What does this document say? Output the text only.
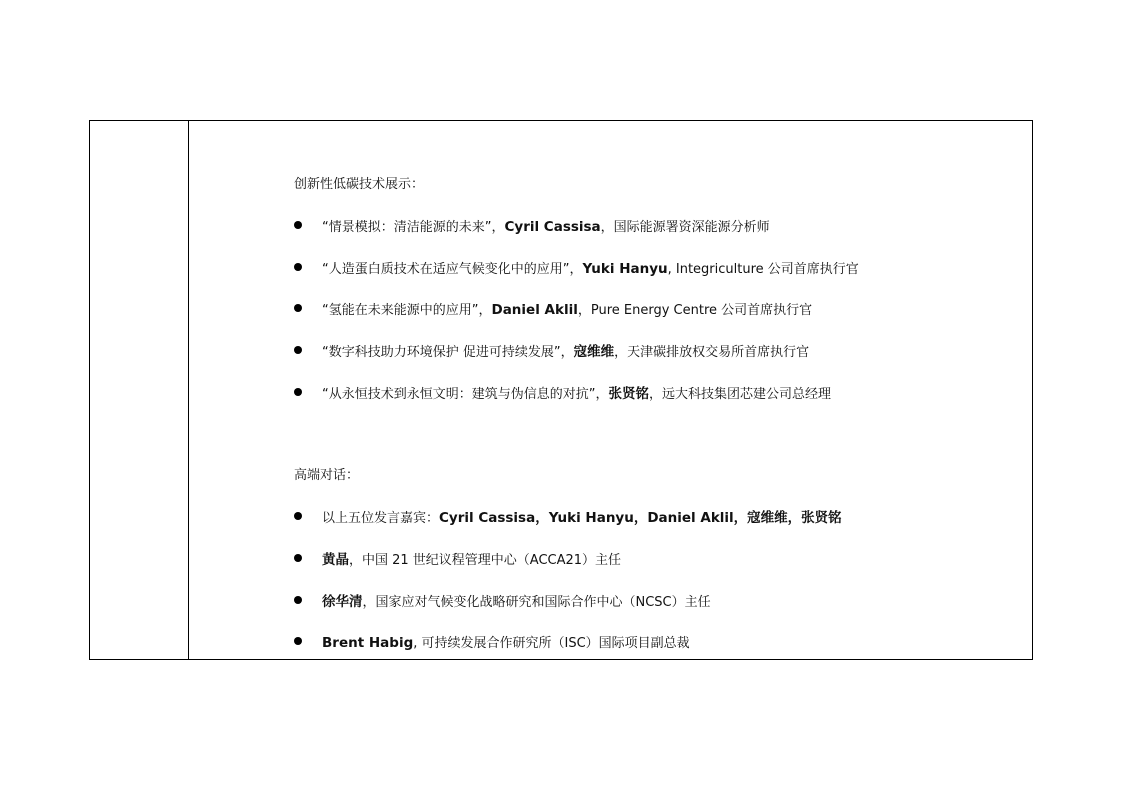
创新性低碳技术展示：
“情景模拟：清洁能源的未来”， Cyril Cassisa ，国际能源署资深能源分析师
“人造蛋白质技术在适应气候变化中的应用”， Yuki Hanyu , Integriculture 公司首席执行官
“氢能在未来能源中的应用”， Daniel Aklil ，Pure Energy Centre 公司首席执行官
“数字科技助力环境保护 促进可持续发展”， 寇维维 ，天津碳排放权交易所首席执行官
“从永恒技术到永恒文明：建筑与伪信息的对抗”， 张贤铭 ，远大科技集团芯建公司总经理
高端对话：
以上五位发言嘉宾： Cyril Cassisa，Yuki Hanyu，Daniel Aklil，寇维维，张贤铭
黄晶 ，中国 21 世纪议程管理中心（ACCA21）主任
徐华清 ，国家应对气候变化战略研究和国际合作中心（NCSC）主任
Brent Habig , 可持续发展合作研究所（ISC）国际项目副总裁
